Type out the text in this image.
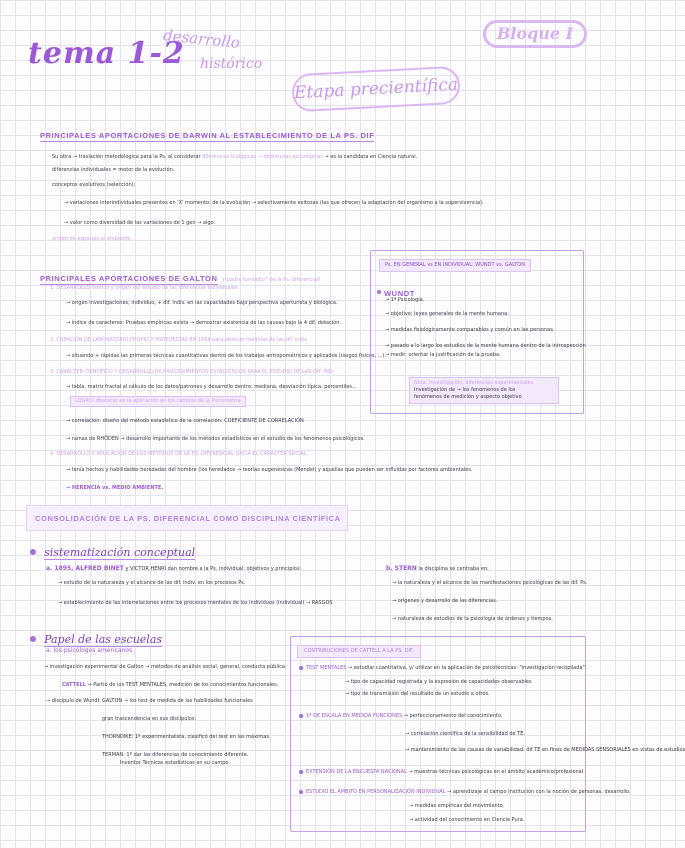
tema 1-2
desarrollo
histórico
Bloque I
Etapa precientífica
PRINCIPALES APORTACIONES DE DARWIN AL ESTABLECIMIENTO DE LA PS. DIF
Su obra → traslación metodológica para la Ps. al considerar diferencias biológicas → diferencias psicológicas → es la candidata en Ciencia natural.
diferencias individuales = motor de la evolución.
conceptos evolutivos (selección):
→ variaciones interindividuales presentes en 'X' momento: de la evolución → selectivamente exitosas (las que ofrecen la adaptación del organismo a la supervivencia).
→ valor como diversidad de las variaciones de 1 gen → algo.
origen de especies al ambiente
PRINCIPALES APORTACIONES DE GALTON ("padre fundador" de la Ps. diferencial)
1. DESARROLLO teórico y origen del estudio de las diferencias individuales
→ origen investigaciones; individuo, + dif. indiv. en las capacidades bajo perspectiva aperturista y biológica.
→ índice de caracteres: Pruebas empíricas exista → demostrar existencia de las causas bajo la 4 dif. dotación.
2. CREACIÓN DE LABORATORIO PROPIO Y PROPUESTAS EN 1884 para obtener medidas de las dif. indiv.
→ situando + rápidas las primeras técnicas cuantitativas dentro de los trabajos antropométricos y aplicados (rasgos físicos, ...).
3. CARÁCTER CIENTÍFICO Y DESARROLLO DE PROCEDIMIENTOS ESTADÍSTICOS PARA EL ESTUDIO DE LAS DIF. IND.
→ tabla, matriz fractal al cálculo de los datos/patrones y desarrollo dentro: mediana, desviación típica, percentiles...
LOGRO: destacar en la aplicación en los campos de la Psicometría
→ correlación: diseño del método estadístico de la correlación: COEFICIENTE DE CORRELACIÓN
→ ramas de RHÖDEN → desarrollo importante de los métodos estadísticos en el estudio de los fenómenos psicológicos.
4. DESARROLLO Y APLICACIÓN DE LOS MÉTODOS DE LA PS. DIFERENCIAL HACIA EL CARÁCTER SOCIAL
→ tenía hechos y habilidades heredadas del hombre (los heredados → teorías eugenésicas (Mendel) y aquellas que pueden ser influidas por factores ambientales.
→ HERENCIA vs. MEDIO AMBIENTE.
Ps. EN GENERAL vs EN INDIVIDUAL: WUNDT vs. GALTON
WUNDT
→ 1ª Psicología.
→ objetivo: leyes generales de la mente humana.
→ medidas fisiológicamente comparables y común en las personas.
→ pasado a lo largo los estudios de la mente humana dentro de la introspección
→ medir: orientar la justificación de la prueba.
Nota: investigación, diferencias experimentales
Investigación de → los fenómenos de los
fenómenos de medición y aspecto objetivo
CONSOLIDACIÓN DE LA PS. DIFERENCIAL COMO DISCIPLINA CIENTÍFICA
sistematización conceptual
a. 1895, ALFRED BINET y VICTOR HENRI dan nombre a la Ps. individual: objetivos y principios:
→ estudio de la naturaleza y el alcance de las dif. indiv. en los procesos Ps.
→ establecimiento de las interrelaciones entre los procesos mentales de los individuos (individual) → RASGOS
b. STERN la disciplina se centraba en:
→ la naturaleza y el alcance de las manifestaciones psicológicas de las dif. Ps.
→ orígenes y desarrollo de las diferencias.
→ naturaleza de estudios de la psicología de órdenes y tiempos.
Papel de las escuelas
a. los psicólogos americanos
→ investigación experimental de Galton → métodos de análisis social, general, conducta pública.
CATTELL → Partió de los TEST MENTALES, medición de los conocimientos funcionales.
→ discípulo de Wundt GALTON → los test de medida de las habilidades funcionales
gran trascendencia en sus discípulos:
THORNDIKE: 1º experimentalista, clasificó del test en las máximas.
TERMAN: 1º dar las diferencias de conocimiento diferente.
Inventor Técnicas estadísticas en su campo.
CONTRIBUCIONES DE CATTELL A LA PS. DIF.
TEST MENTALES → estudiar cuantitativa, y/ utilizar en la aplicación de psicotécnicas: "investigación recopilada".
→ tipo de capacidad registrada y la expresión de capacidades observables
→ tipo de transmisión del resultado de un estudio a otros.
1ª DE ESCALA EN MEDIDA FUNCIONES → perfeccionamiento del conocimiento.
→ correlación científica de la sensibilidad de TE.
→ mantenimiento de las causas de variabilidad: dif TE en fines de MEDIDAS SENSORIALES en vistas de estudios
EXTENSIÓN DE LA ENCUESTA NACIONAL → muestras técnicas psicológicas en el ámbito académico/profesional.
ESTUDIO EL ÁMBITO EN PERSONALIZACIÓN INDIVIDUAL → aprendizaje al campo Institución con la noción de personas, desarrollo.
→ medidas empíricas del movimiento.
→ actividad del conocimiento en Ciencia Pura.
